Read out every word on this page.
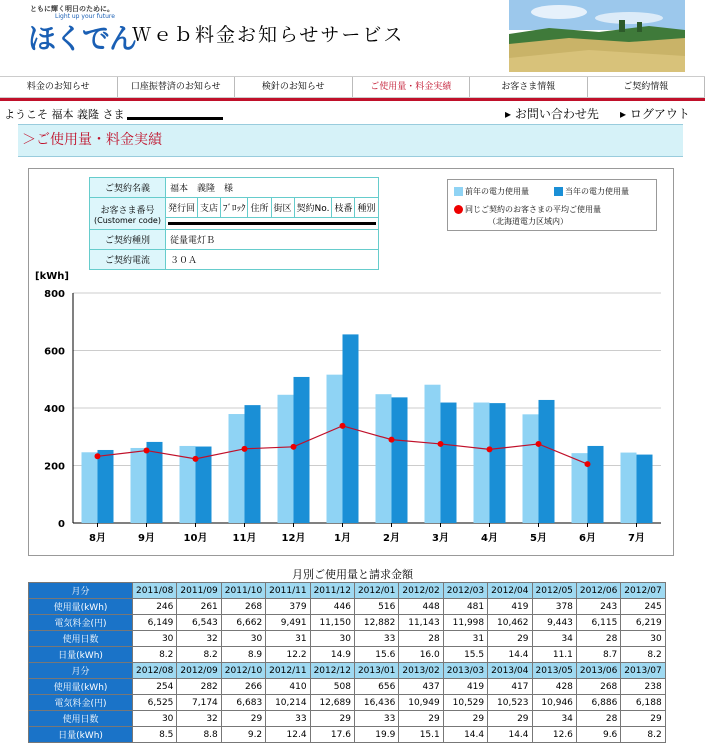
ともに輝く明日のために。
Light up your future
ほくでん
Ｗｅｂ料金お知らせサービス
料金のお知らせ	口座振替済のお知らせ	検針のお知らせ	ご使用量・料金実績	お客さま情報	ご契約情報
ようこそ 福本 義隆 さま	▸ お問い合わせ先 ▸ ログアウト
＞ご使用量・料金実績
0
200
400
600
800
[kWh]
8月	9月	10月	11月	12月	1月	2月	3月	4月	5月	6月	7月
ご契約名義	福本　義隆　様							

お客さま番号
(Customer code)	発行回	支店	ﾌﾞﾛｯｸ	住所	街区	契約No.	枝番	種別

ご契約種別	従量電灯Ｂ							
ご契約電流	３０Ａ							
前年の電力使用量	当年の電力使用量
同じご契約のお客さまの平均ご使用量
（北海道電力区域内）
月別ご使用量と請求金額
月分	2011/08	2011/09	2011/10	2011/11	2011/12	2012/01	2012/02	2012/03	2012/04	2012/05	2012/06	2012/07
使用量(kWh)	246	261	268	379	446	516	448	481	419	378	243	245
電気料金(円)	6,149	6,543	6,662	9,491	11,150	12,882	11,143	11,998	10,462	9,443	6,115	6,219
使用日数	30	32	30	31	30	33	28	31	29	34	28	30
日量(kWh)	8.2	8.2	8.9	12.2	14.9	15.6	16.0	15.5	14.4	11.1	8.7	8.2
月分	2012/08	2012/09	2012/10	2012/11	2012/12	2013/01	2013/02	2013/03	2013/04	2013/05	2013/06	2013/07
使用量(kWh)	254	282	266	410	508	656	437	419	417	428	268	238
電気料金(円)	6,525	7,174	6,683	10,214	12,689	16,436	10,949	10,529	10,523	10,946	6,886	6,188
使用日数	30	32	29	33	29	33	29	29	29	34	28	29
日量(kWh)	8.5	8.8	9.2	12.4	17.6	19.9	15.1	14.4	14.4	12.6	9.6	8.2
